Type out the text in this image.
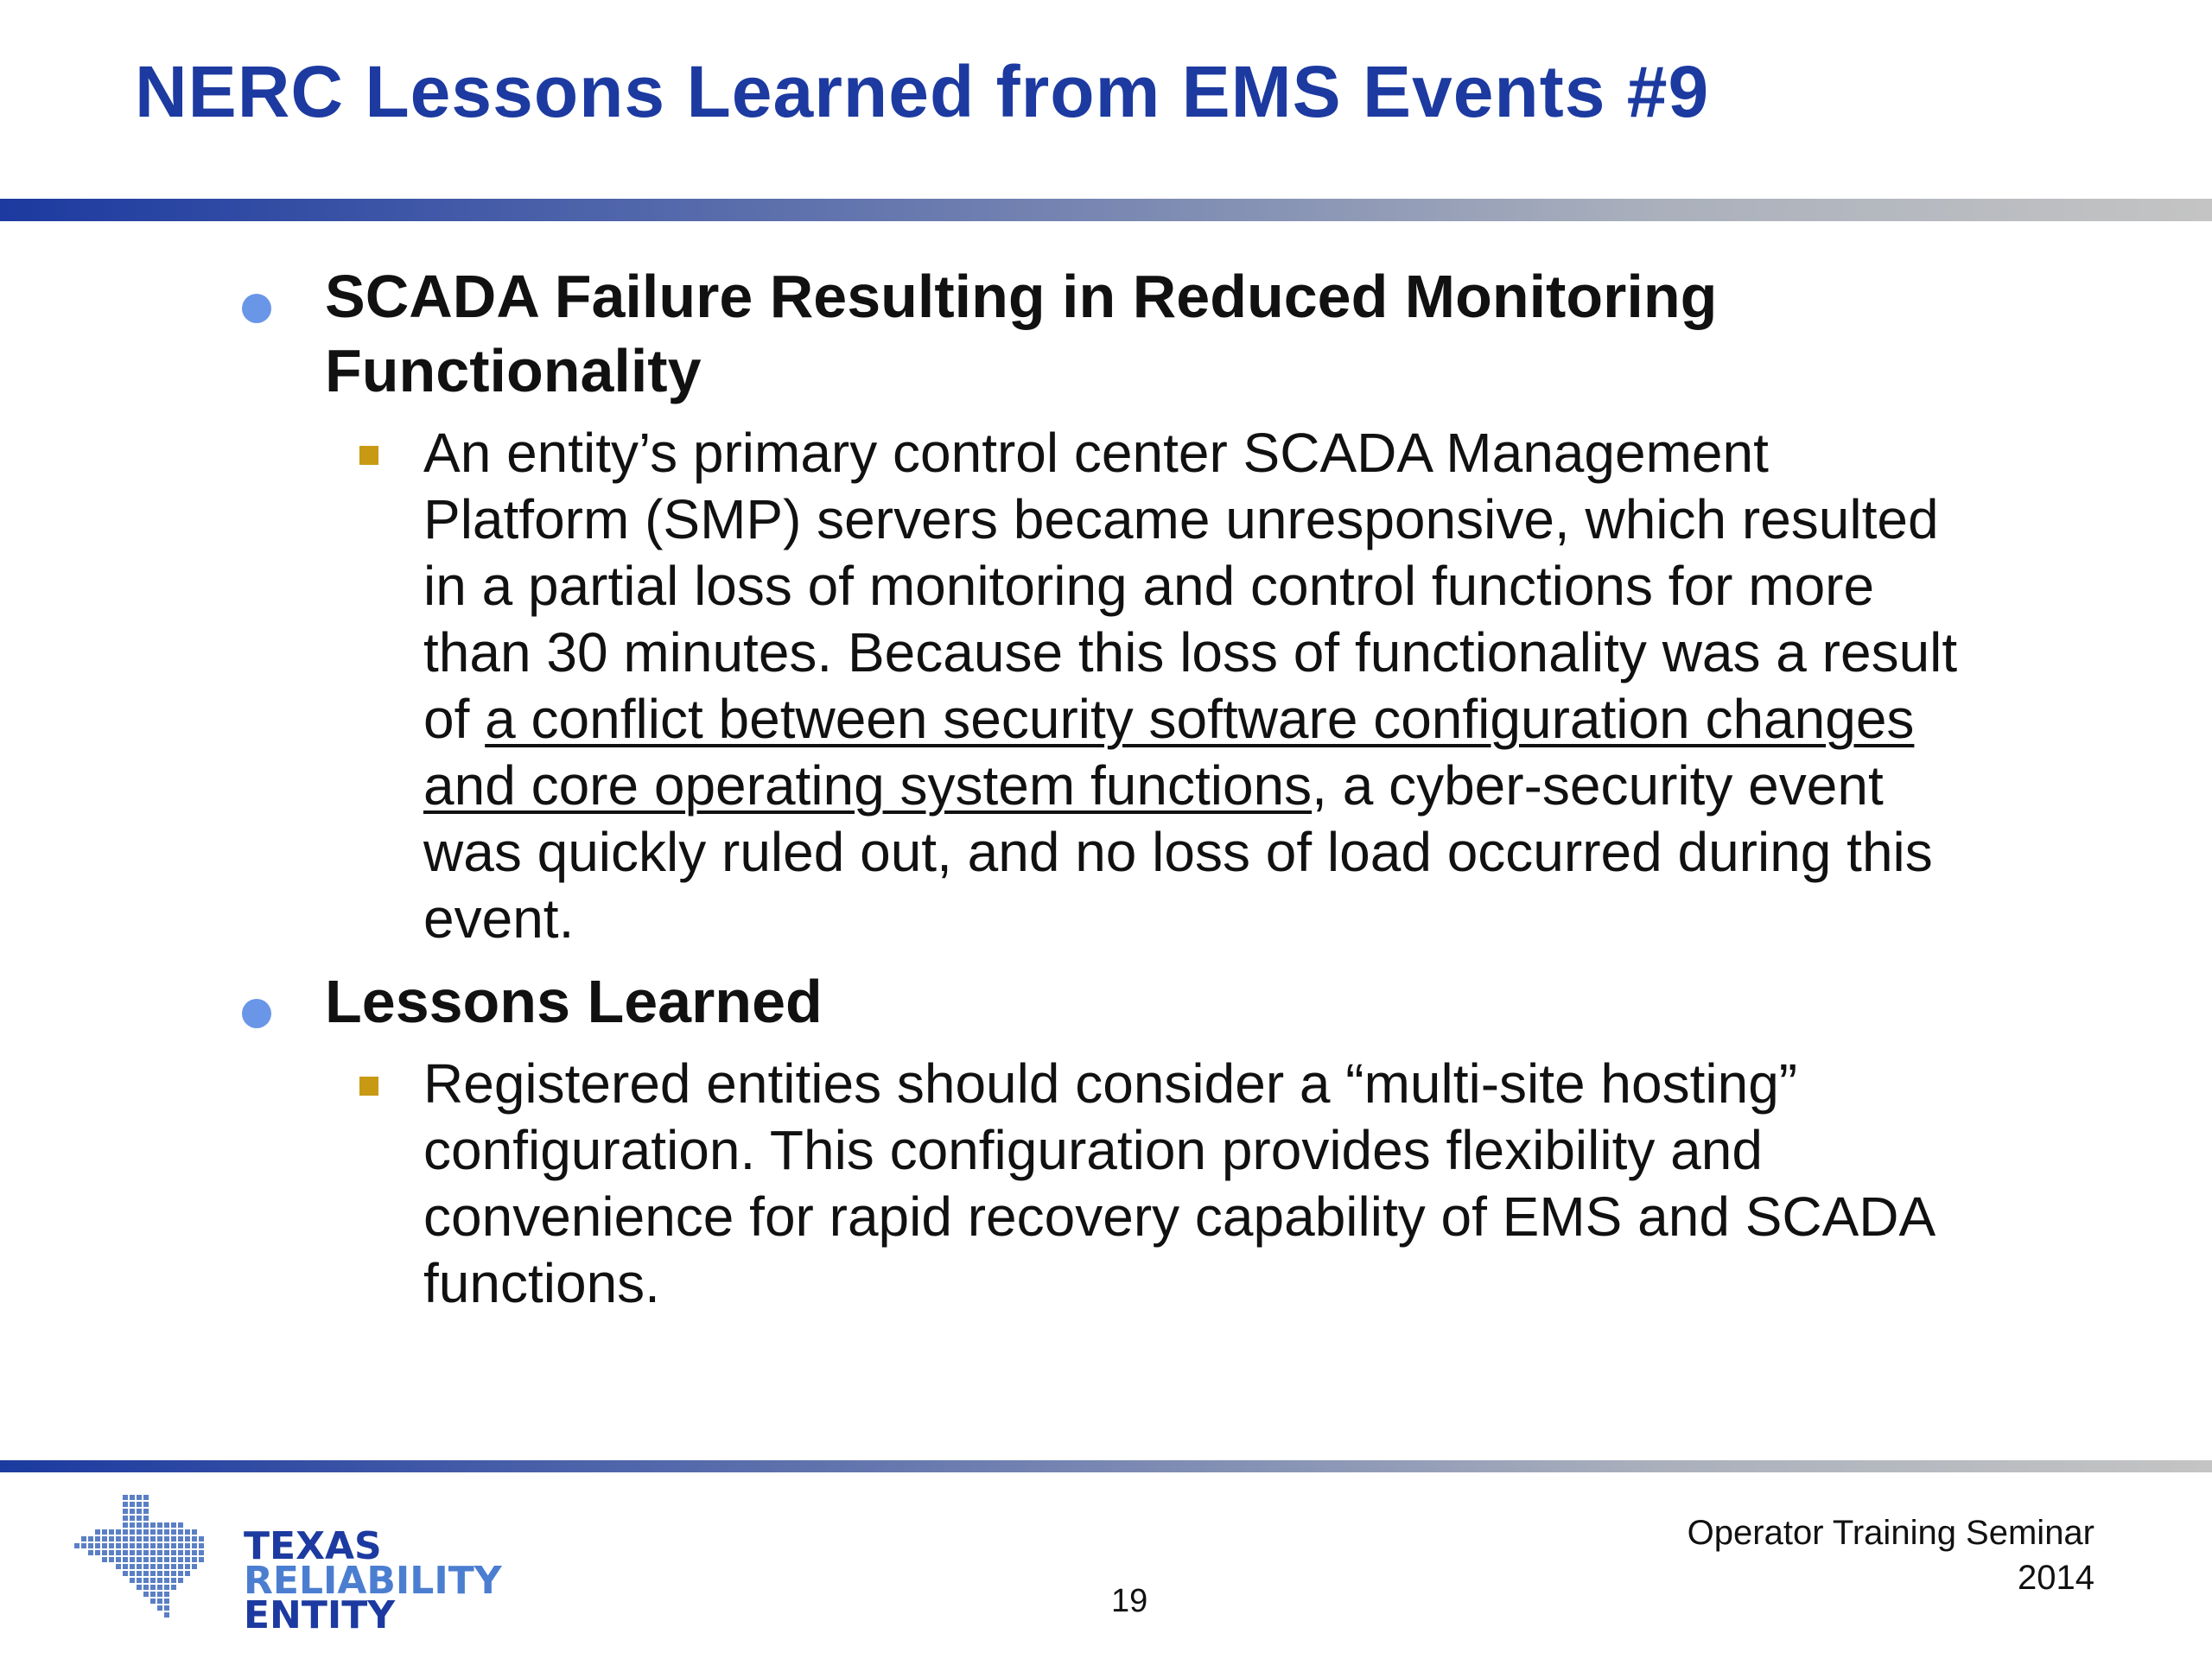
NERC Lessons Learned from EMS Events #9
SCADA Failure Resulting in Reduced Monitoring Functionality
An entity’s primary control center SCADA Management Platform (SMP) servers became unresponsive, which resulted in a partial loss of monitoring and control functions for more than 30 minutes. Because this loss of functionality was a result of a conflict between security software configuration changes and core operating system functions, a cyber-security event was quickly ruled out, and no loss of load occurred during this event.
Lessons Learned
Registered entities should consider a “multi-site hosting” configuration. This configuration provides flexibility and convenience for rapid recovery capability of EMS and SCADA functions.
TEXAS
RELIABILITY
ENTITY	19
Operator Training Seminar
2014
